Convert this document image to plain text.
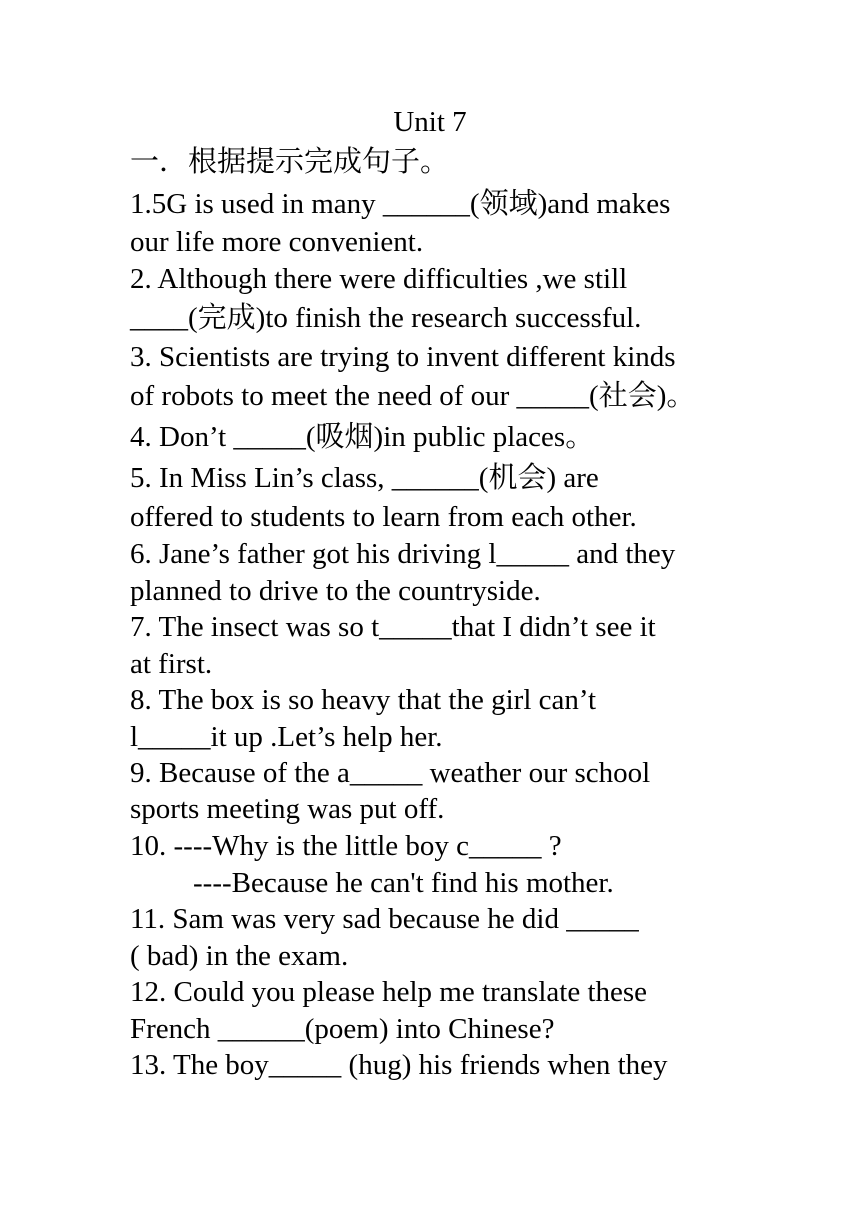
Unit 7
一．根据提示完成句子。
1.5G is used in many ______(领域)and makes
our life more convenient.
2. Although there were difficulties ,we still
____(完成)to finish the research successful.
3. Scientists are trying to invent different kinds
of robots to meet the need of our _____(社会)。
4. Don’t _____(吸烟)in public places。
5. In Miss Lin’s class, ______(机会) are
offered to students to learn from each other.
6. Jane’s father got his driving l_____ and they
planned to drive to the countryside.
7. The insect was so t_____that I didn’t see it
at first.
8. The box is so heavy that the girl can’t
l_____it up .Let’s help her.
9. Because of the a_____ weather our school
sports meeting was put off.
10. ----Why is the little boy c_____ ?
----Because he can't find his mother.
11. Sam was very sad because he did _____
( bad) in the exam.
12. Could you please help me translate these
French ______(poem) into Chinese?
13. The boy_____ (hug) his friends when they
